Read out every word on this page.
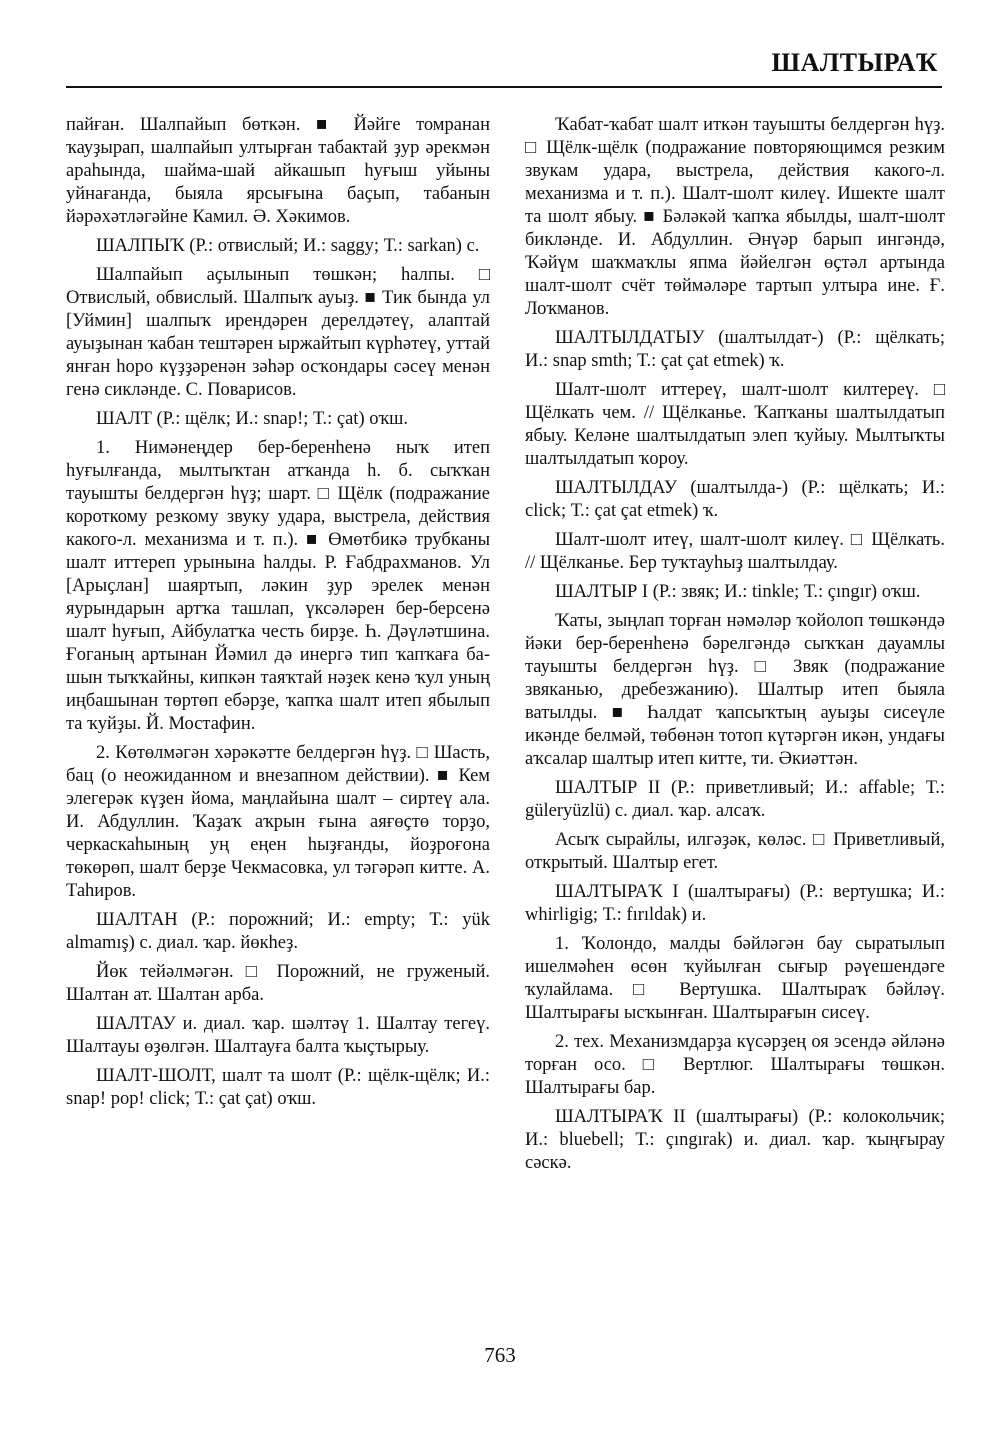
ШАЛТЫРАҠ

пайған. Шалпайып бөткән. ■ Йәйге томранан ҡауҙырап, шалпайып ултырған табактай ҙур әрекмән араһында, шайма-шай айкашып һуғыш уйыны уйнағанда, быяла ярсығына баҫып, табанын йәрәхәтләгәйне Камил. Ә. Хәкимов.

ШАЛПЫҠ (Р.: отвислый; И.: saggy; Т.: sarkan) с.

Шалпайып аҫылынып төшкән; һалпы. □ Отвислый, обвислый. Шалпыҡ ауыҙ. ■ Тик бында ул [Уймин] шалпыҡ ирендәрен дерелдәтеү, алаптай ауыҙынан ҡабан тештәрен ыржайтып күрһәтеү, уттай янған һоро күҙҙәренән зәһәр осҡондары сәсеү менән генә сикләнде. С. Поварисов.

ШАЛТ (Р.: щёлк; И.: snap!; Т.: çat) оҡш.

1. Нимәнеңдер бер-беренһенә ныҡ итеп һуғылғанда, мылтыҡтан атҡанда һ. б. сыҡҡан тауышты белдергән һүҙ; шарт. □ Щёлк (подражание короткому резкому звуку удара, выстрела, действия какого-л. механизма и т. п.). ■ Өмөтбикә трубканы шалт иттереп урынына һалды. Р. Ғабдрахманов. Ул [Арыҫлан] шаяртып, ләкин ҙур эрелек менән яурындарын артҡа ташлап, үксәләрен бер-берсенә шалт һуғып, Айбулатҡа честь бирҙе. Һ. Дәүләтшина. Ғоганың артынан Йәмил дә инергә тип ҡапҡаға башын тыҡҡайны, кипкән таяҡтай нәҙек кенә ҡул уның иңбашынан төртөп ебәрҙе, ҡапҡа шалт итеп ябылып та ҡуйҙы. Й. Мостафин.

2. Көтөлмәгән хәрәкәтте белдергән һүҙ. □ Шасть, бац (о неожиданном и внезапном действии). ■ Кем элегерәк күҙен йома, маңлайына шалт – сиртеү ала. И. Абдуллин. Ҡаҙаҡ аҡрын ғына аяғөҫтө торҙо, черкаскаһының уң еңен һыҙғанды, йоҙроғона төкөрөп, шалт берҙе Чекмасовка, ул тәгәрәп китте. А. Таһиров.

ШАЛТАН (Р.: порожний; И.: empty; Т.: yük almamış) с. диал. ҡар. йөкһеҙ.

Йөк тейәлмәгән. □ Порожний, не груженый. Шалтан ат. Шалтан арба.

ШАЛТАУ и. диал. ҡар. шәлтәү 1. Шалтау тегеү. Шалтауы өҙөлгән. Шалтауға балта ҡыҫтырыу.

ШАЛТ-ШОЛТ, шалт та шолт (Р.: щёлк-щёлк; И.: snap! pop! click; Т.: çat çat) оҡш.

Ҡабат-ҡабат шалт иткән тауышты белдергән һүҙ. □ Щёлк-щёлк (подражание повторяющимся резким звукам удара, выстрела, действия какого-л. механизма и т. п.). Шалт-шолт килеү. Ишекте шалт та шолт ябыу. ■ Бәләкәй ҡапҡа ябылды, шалт-шолт бикләнде. И. Абдуллин. Әнүәр барып ингәндә, Ҡәйүм шаҡмаҡлы япма йәйелгән өҫтәл артында шалт-шолт счёт төймәләре тартып ултыра ине. Ғ. Лоҡманов.

ШАЛТЫЛДАТЫУ (шалтылдат-) (Р.: щёлкать; И.: snap smth; Т.: çat çat etmek) ҡ.

Шалт-шолт иттереү, шалт-шолт килтереү. □ Щёлкать чем. // Щёлканье. Ҡапҡаны шалтылдатып ябыу. Келәне шалтылдатып элеп ҡуйыу. Мылтыҡты шалтылдатып ҡороу.

ШАЛТЫЛДАУ (шалтылда-) (Р.: щёлкать; И.: click; Т.: çat çat etmek) ҡ.

Шалт-шолт итеү, шалт-шолт килеү. □ Щёлкать. // Щёлканье. Бер туҡтауһыҙ шалтылдау.

ШАЛТЫР I (Р.: звяк; И.: tinkle; Т.: çıngır) оҡш.

Ҡаты, зыңлап торған нәмәләр ҡойолоп төшкәндә йәки бер-беренһенә бәрелгәндә сыҡҡан дауамлы тауышты белдергән һүҙ. □ Звяк (подражание звяканью, дребезжанию). Шалтыр итеп быяла ватылды. ■ Һалдат ҡапсыҡтың ауыҙы сисеүле икәнде белмәй, төбөнән тотоп күтәргән икән, ундағы аҡсалар шалтыр итеп китте, ти. Әкиәттән.

ШАЛТЫР II (Р.: приветливый; И.: affable; Т.: güleryüzlü) с. диал. ҡар. алсаҡ.

Асыҡ сырайлы, илгәҙәк, көләс. □ Приветливый, открытый. Шалтыр егет.

ШАЛТЫРАҠ I (шалтырағы) (Р.: вертушка; И.: whirligig; Т.: fırıldak) и.

1. Ҡолондо, малды бәйләгән бау сыратылып ишелмәһен өсөн ҡуйылған сығыр рәүешендәге ҡулайлама. □ Вертушка. Шалтыраҡ бәйләү. Шалтырағы ысҡынған. Шалтырағын сисеү.

2. тех. Механизмдарҙа күсәрҙең оя эсендә әйләнә торған осо. □ Вертлюг. Шалтырағы төшкән. Шалтырағы бар.

ШАЛТЫРАҠ II (шалтырағы) (Р.: колокольчик; И.: bluebell; Т.: çıngırak) и. диал. ҡар. ҡыңғырау сәскә.

763
